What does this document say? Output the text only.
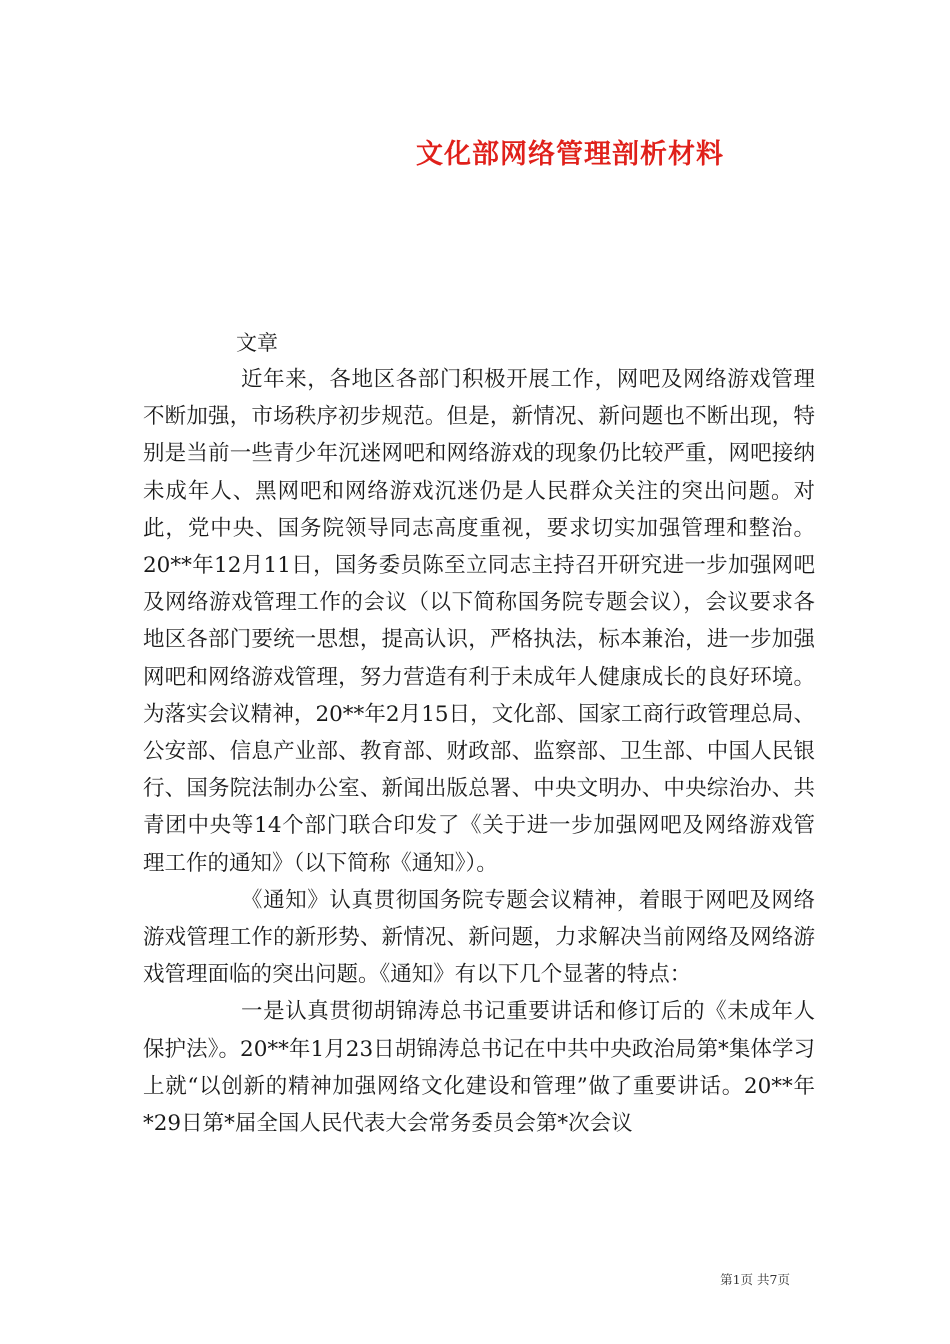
文化部网络管理剖析材料

文章

近年来，各地区各部门积极开展工作，网吧及网络游戏管理不断加强，市场秩序初步规范。但是，新情况、新问题也不断出现，特别是当前一些青少年沉迷网吧和网络游戏的现象仍比较严重，网吧接纳未成年人、黑网吧和网络游戏沉迷仍是人民群众关注的突出问题。对此，党中央、国务院领导同志高度重视，要求切实加强管理和整治。20**年12月11日，国务委员陈至立同志主持召开研究进一步加强网吧及网络游戏管理工作的会议（以下简称国务院专题会议），会议要求各地区各部门要统一思想，提高认识，严格执法，标本兼治，进一步加强网吧和网络游戏管理，努力营造有利于未成年人健康成长的良好环境。为落实会议精神，20**年2月15日，文化部、国家工商行政管理总局、公安部、信息产业部、教育部、财政部、监察部、卫生部、中国人民银行、国务院法制办公室、新闻出版总署、中央文明办、中央综治办、共青团中央等14个部门联合印发了《关于进一步加强网吧及网络游戏管理工作的通知》（以下简称《通知》）。

《通知》认真贯彻国务院专题会议精神，着眼于网吧及网络游戏管理工作的新形势、新情况、新问题，力求解决当前网络及网络游戏管理面临的突出问题。《通知》有以下几个显著的特点：

一是认真贯彻胡锦涛总书记重要讲话和修订后的《未成年人保护法》。20**年1月23日胡锦涛总书记在中共中央政治局第*集体学习上就“以创新的精神加强网络文化建设和管理”做了重要讲话。20**年*29日第*届全国人民代表大会常务委员会第*次会议

第1页 共7页
